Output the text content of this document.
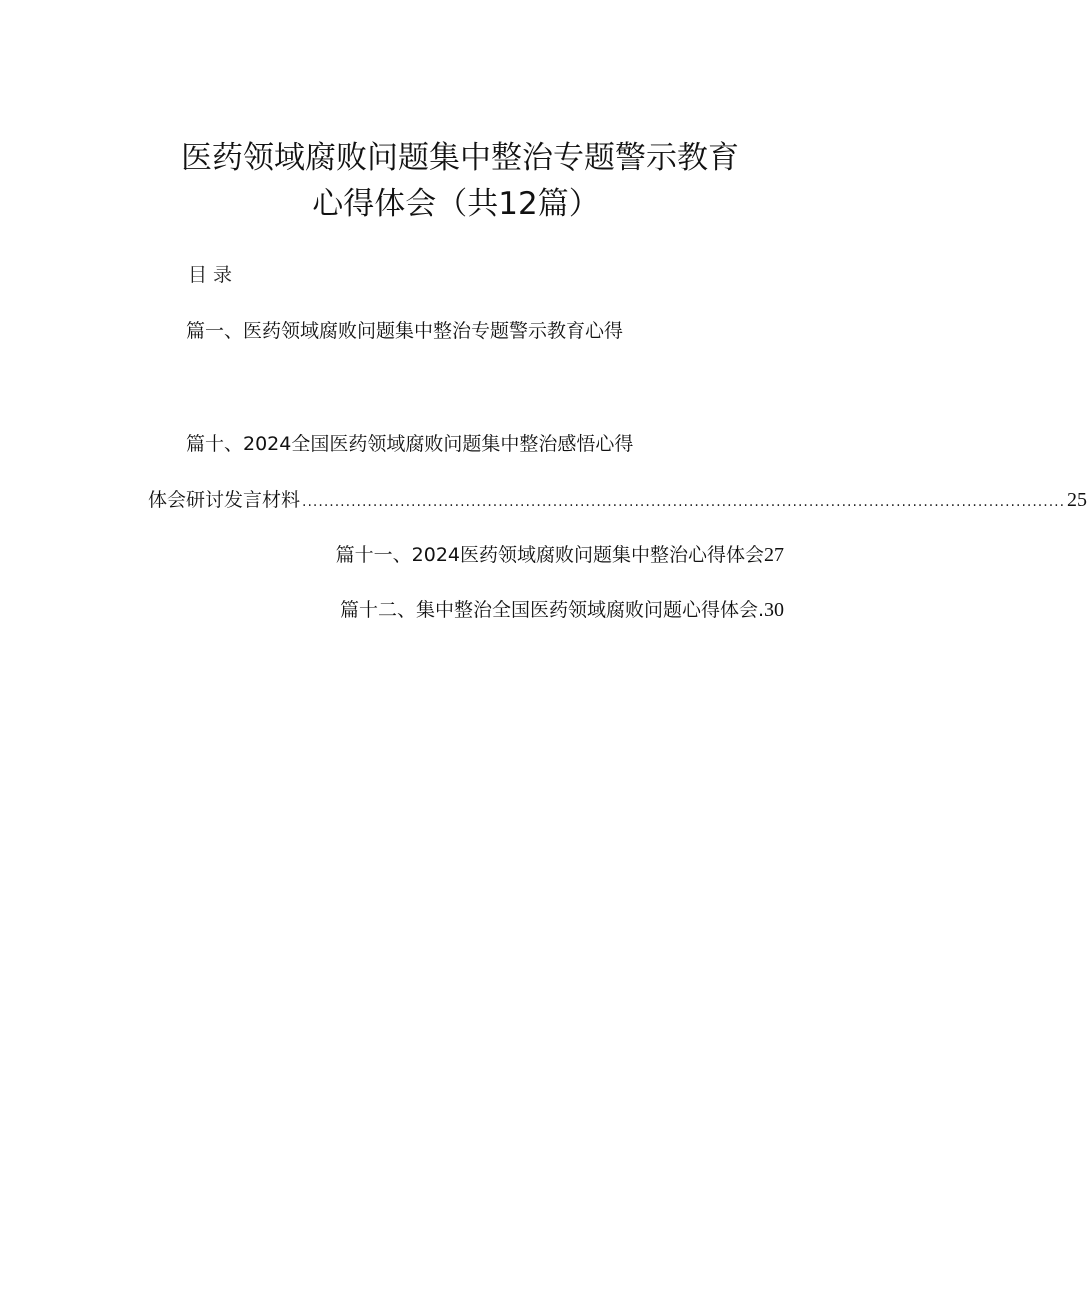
医药领域腐败问题集中整治专题警示教育
心得体会（共12篇）
目录
篇一、医药领域腐败问题集中整治专题警示教育心得
篇十、2024全国医药领域腐败问题集中整治感悟心得
体会研讨发言材料 ............................................................................................................................................ 25
篇十一、2024医药领域腐败问题集中整治心得体会27
篇十二、集中整治全国医药领域腐败问题心得体会.30
